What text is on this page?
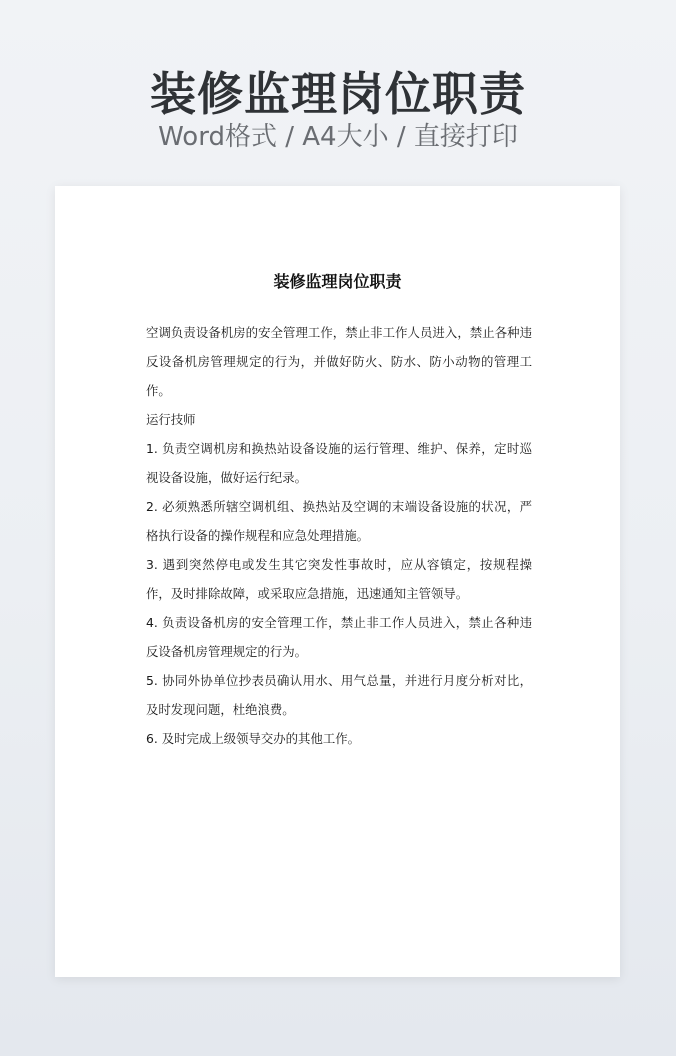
装修监理岗位职责
Word格式 / A4大小 / 直接打印
装修监理岗位职责

空调负责设备机房的安全管理工作，禁止非工作人员进入，禁止各种违反设备机房管理规定的行为，并做好防火、防水、防小动物的管理工作。

运行技师

1. 负责空调机房和换热站设备设施的运行管理、维护、保养，定时巡视设备设施，做好运行纪录。

2. 必须熟悉所辖空调机组、换热站及空调的末端设备设施的状况，严格执行设备的操作规程和应急处理措施。

3. 遇到突然停电或发生其它突发性事故时，应从容镇定，按规程操作，及时排除故障，或采取应急措施，迅速通知主管领导。

4. 负责设备机房的安全管理工作，禁止非工作人员进入，禁止各种违反设备机房管理规定的行为。

5. 协同外协单位抄表员确认用水、用气总量，并进行月度分析对比，及时发现问题，杜绝浪费。

6. 及时完成上级领导交办的其他工作。
